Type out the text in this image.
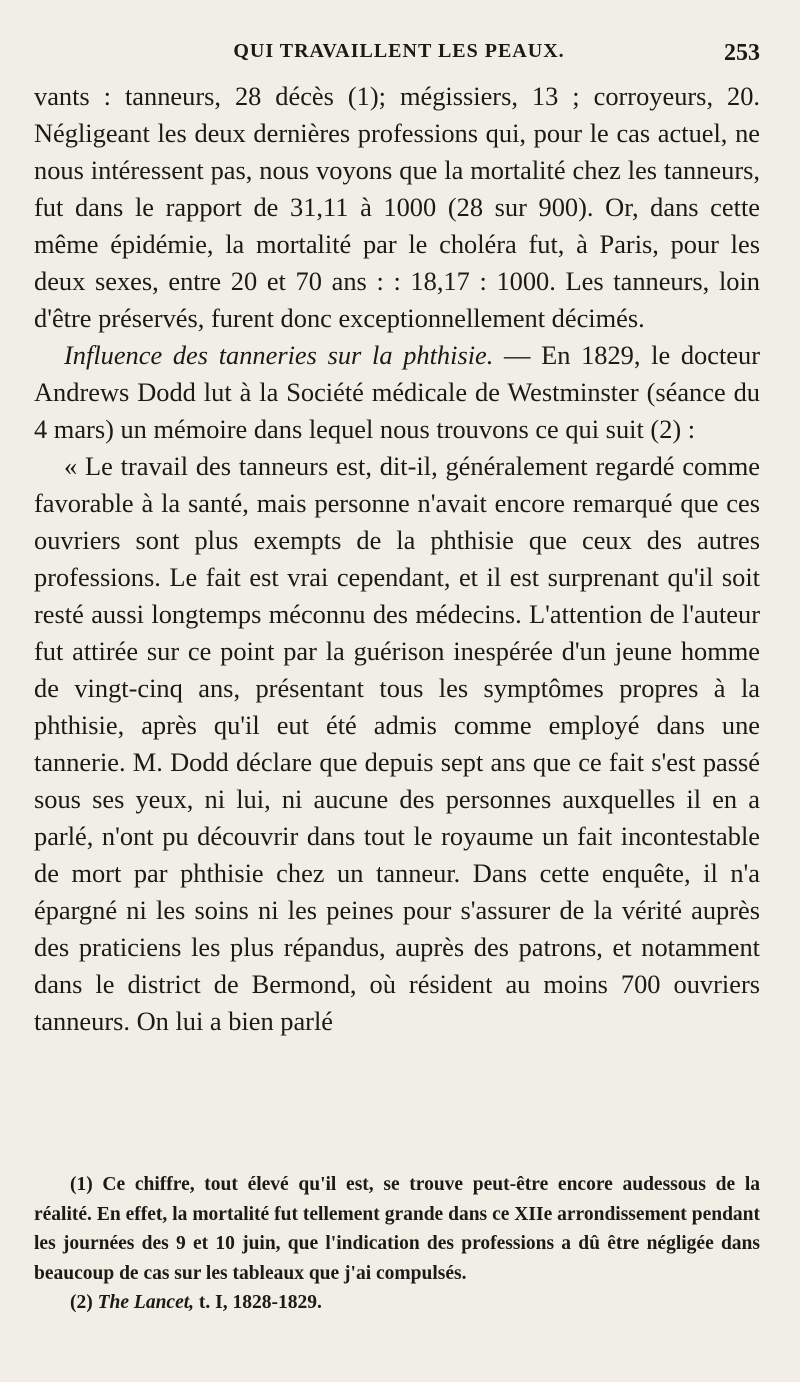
QUI TRAVAILLENT LES PEAUX.	253

vants : tanneurs, 28 décès (1); mégissiers, 13 ; corroyeurs, 20. Négligeant les deux dernières professions qui, pour le cas actuel, ne nous intéressent pas, nous voyons que la mortalité chez les tanneurs, fut dans le rapport de 31,11 à 1000 (28 sur 900). Or, dans cette même épidémie, la mortalité par le choléra fut, à Paris, pour les deux sexes, entre 20 et 70 ans : : 18,17 : 1000. Les tanneurs, loin d'être préservés, furent donc exceptionnellement décimés.

Influence des tanneries sur la phthisie. — En 1829, le docteur Andrews Dodd lut à la Société médicale de Westminster (séance du 4 mars) un mémoire dans lequel nous trouvons ce qui suit (2) :

« Le travail des tanneurs est, dit-il, généralement regardé comme favorable à la santé, mais personne n'avait encore remarqué que ces ouvriers sont plus exempts de la phthisie que ceux des autres professions. Le fait est vrai cependant, et il est surprenant qu'il soit resté aussi longtemps méconnu des médecins. L'attention de l'auteur fut attirée sur ce point par la guérison inespérée d'un jeune homme de vingt-cinq ans, présentant tous les symptômes propres à la phthisie, après qu'il eut été admis comme employé dans une tannerie. M. Dodd déclare que depuis sept ans que ce fait s'est passé sous ses yeux, ni lui, ni aucune des personnes auxquelles il en a parlé, n'ont pu découvrir dans tout le royaume un fait incontestable de mort par phthisie chez un tanneur. Dans cette enquête, il n'a épargné ni les soins ni les peines pour s'assurer de la vérité auprès des praticiens les plus répandus, auprès des patrons, et notamment dans le district de Bermond, où résident au moins 700 ouvriers tanneurs. On lui a bien parlé

(1) Ce chiffre, tout élevé qu'il est, se trouve peut-être encore audessous de la réalité. En effet, la mortalité fut tellement grande dans ce XIIe arrondissement pendant les journées des 9 et 10 juin, que l'indication des professions a dû être négligée dans beaucoup de cas sur les tableaux que j'ai compulsés.

(2) The Lancet, t. I, 1828-1829.
